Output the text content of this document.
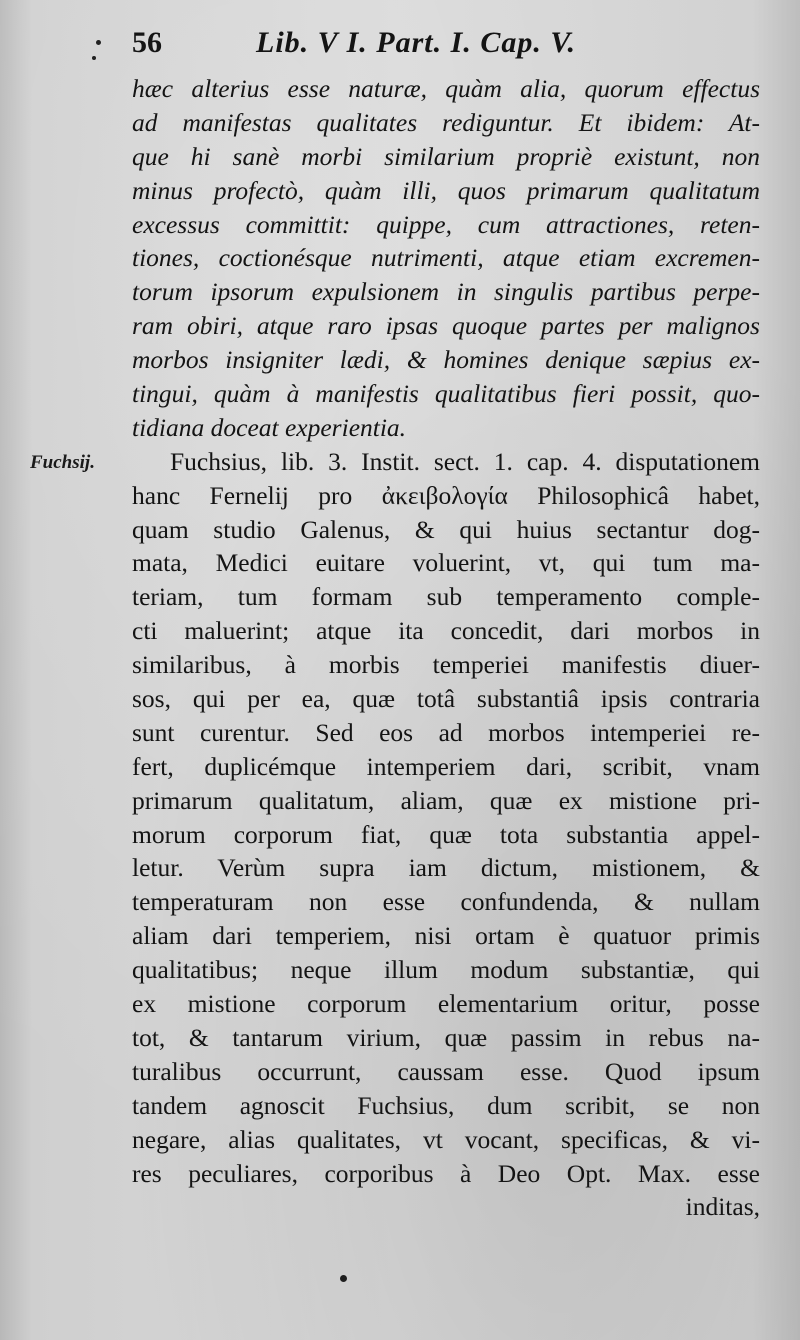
56	Lib. V I. Part. I. Cap. V.
Fuchsij.
hæc alterius esse naturæ, quàm alia, quorum effectus
ad manifestas qualitates rediguntur. Et ibidem: At-
que hi sanè morbi similarium propriè existunt, non
minus profectò, quàm illi, quos primarum qualitatum
excessus committit: quippe, cum attractiones, reten-
tiones, coctionésque nutrimenti, atque etiam excremen-
torum ipsorum expulsionem in singulis partibus perpe-
ram obiri, atque raro ipsas quoque partes per malignos
morbos insigniter lædi, & homines denique sæpius ex-
tingui, quàm à manifestis qualitatibus fieri possit, quo-
tidiana doceat experientia.
Fuchsius, lib. 3. Instit. sect. 1. cap. 4. disputationem
hanc Fernelij pro ἀκειβολογία Philosophicâ habet,
quam studio Galenus, & qui huius sectantur dog-
mata, Medici euitare voluerint, vt, qui tum ma-
teriam, tum formam sub temperamento comple-
cti maluerint; atque ita concedit, dari morbos in
similaribus, à morbis temperiei manifestis diuer-
sos, qui per ea, quæ totâ substantiâ ipsis contraria
sunt curentur. Sed eos ad morbos intemperiei re-
fert, duplicémque intemperiem dari, scribit, vnam
primarum qualitatum, aliam, quæ ex mistione pri-
morum corporum fiat, quæ tota substantia appel-
letur. Verùm supra iam dictum, mistionem, &
temperaturam non esse confundenda, & nullam
aliam dari temperiem, nisi ortam è quatuor primis
qualitatibus; neque illum modum substantiæ, qui
ex mistione corporum elementarium oritur, posse
tot, & tantarum virium, quæ passim in rebus na-
turalibus occurrunt, caussam esse. Quod ipsum
tandem agnoscit Fuchsius, dum scribit, se non
negare, alias qualitates, vt vocant, specificas, & vi-
res peculiares, corporibus à Deo Opt. Max. esse
inditas,
